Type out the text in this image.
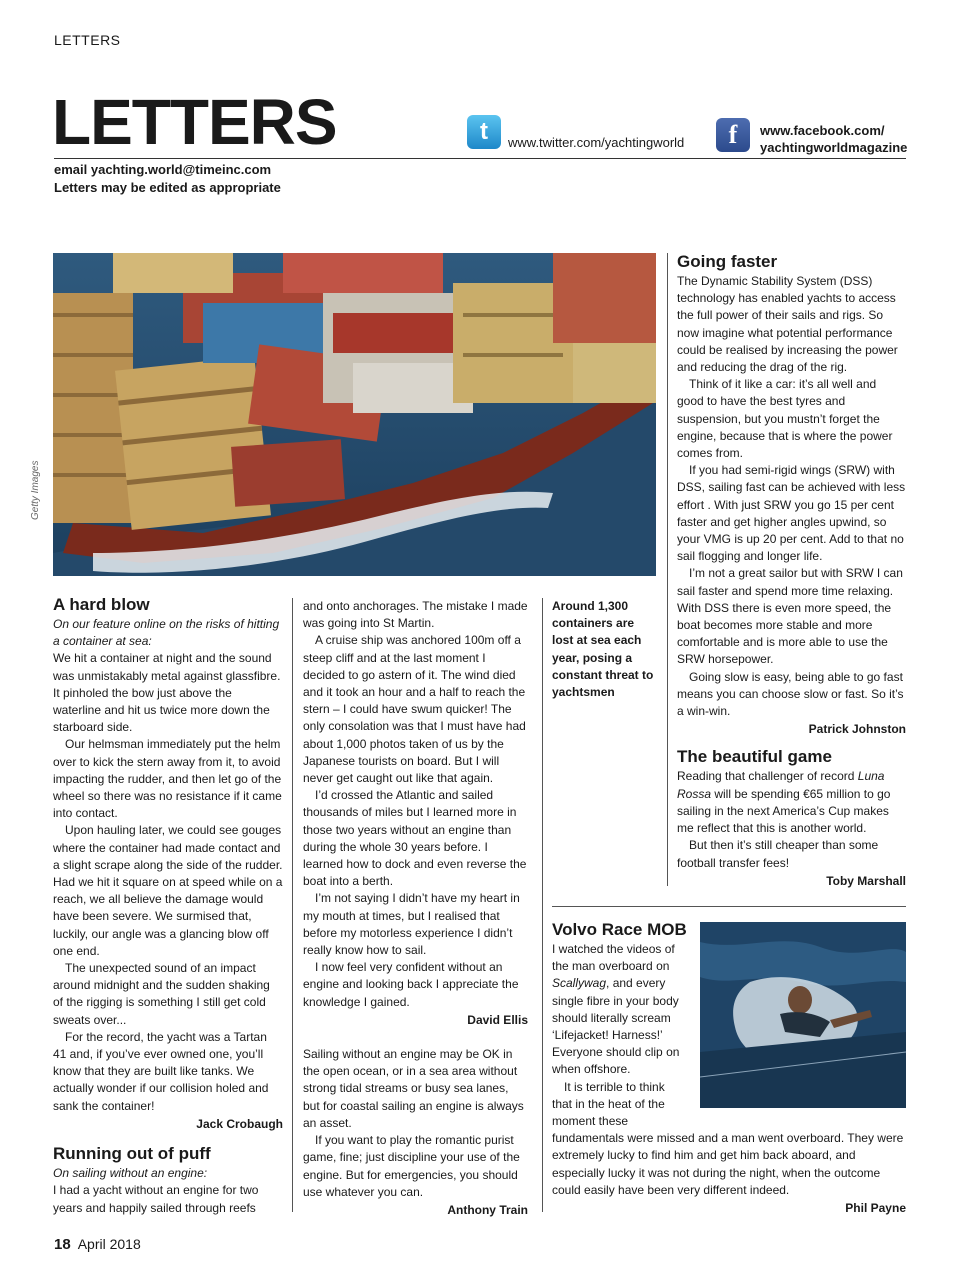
LETTERS
LETTERS	t	www.twitter.com/yachtingworld	f	www.facebook.com/
yachtingworldmagazine
email yachting.world@timeinc.com
Letters may be edited as appropriate
Getty Images

A hard blow

On our feature online on the risks of hitting a container at sea:

We hit a container at night and the sound was unmistakably metal against glassfibre. It pinholed the bow just above the waterline and hit us twice more down the starboard side.

Our helmsman immediately put the helm over to kick the stern away from it, to avoid impacting the rudder, and then let go of the wheel so there was no resistance if it came into contact.

Upon hauling later, we could see gouges where the container had made contact and a slight scrape along the side of the rudder. Had we hit it square on at speed while on a reach, we all believe the damage would have been severe. We surmised that, luckily, our angle was a glancing blow off one end.

The unexpected sound of an impact around midnight and the sudden shaking of the rigging is something I still get cold sweats over...

For the record, the yacht was a Tartan 41 and, if you’ve ever owned one, you’ll know that they are built like tanks. We actually wonder if our collision holed and sank the container!

Jack Crobaugh

Running out of puff

On sailing without an engine:

I had a yacht without an engine for two years and happily sailed through reefs

and onto anchorages. The mistake I made was going into St Martin.

A cruise ship was anchored 100m off a steep cliff and at the last moment I decided to go astern of it. The wind died and it took an hour and a half to reach the stern – I could have swum quicker! The only consolation was that I must have had about 1,000 photos taken of us by the Japanese tourists on board. But I will never get caught out like that again.

I’d crossed the Atlantic and sailed thousands of miles but I learned more in those two years without an engine than during the whole 30 years before. I learned how to dock and even reverse the boat into a berth.

I’m not saying I didn’t have my heart in my mouth at times, but I realised that before my motorless experience I didn’t really know how to sail.

I now feel very confident without an engine and looking back I appreciate the knowledge I gained.

David Ellis

Sailing without an engine may be OK in the open ocean, or in a sea area without strong tidal streams or busy sea lanes, but for coastal sailing an engine is always an asset.

If you want to play the romantic purist game, fine; just discipline your use of the engine. But for emergencies, you should use whatever you can.

Anthony Train

Around 1,300 containers are lost at sea each year, posing a constant threat to yachtsmen

Going faster

The Dynamic Stability System (DSS) technology has enabled yachts to access the full power of their sails and rigs. So now imagine what potential performance could be realised by increasing the power and reducing the drag of the rig.

Think of it like a car: it’s all well and good to have the best tyres and suspension, but you mustn’t forget the engine, because that is where the power comes from.

If you had semi-rigid wings (SRW) with DSS, sailing fast can be achieved with less effort . With just SRW you go 15 per cent faster and get higher angles upwind, so your VMG is up 20 per cent. Add to that no sail flogging and longer life.

I’m not a great sailor but with SRW I can sail faster and spend more time relaxing. With DSS there is even more speed, the boat becomes more stable and more comfortable and is more able to use the SRW horsepower.

Going slow is easy, being able to go fast means you can choose slow or fast. So it’s a win-win.

Patrick Johnston

The beautiful game

Reading that challenger of record Luna Rossa will be spending €65 million to go sailing in the next America’s Cup makes me reflect that this is another world.

But then it’s still cheaper than some football transfer fees!

Toby Marshall

Volvo Race MOB

I watched the videos of the man overboard on Scallywag, and every single fibre in your body should literally scream ‘Lifejacket! Harness!’ Everyone should clip on when offshore.

It is terrible to think that in the heat of the moment these

fundamentals were missed and a man went overboard. They were extremely lucky to find him and get him back aboard, and especially lucky it was not during the night, when the outcome could easily have been very different indeed.

Phil Payne

18 April 2018
